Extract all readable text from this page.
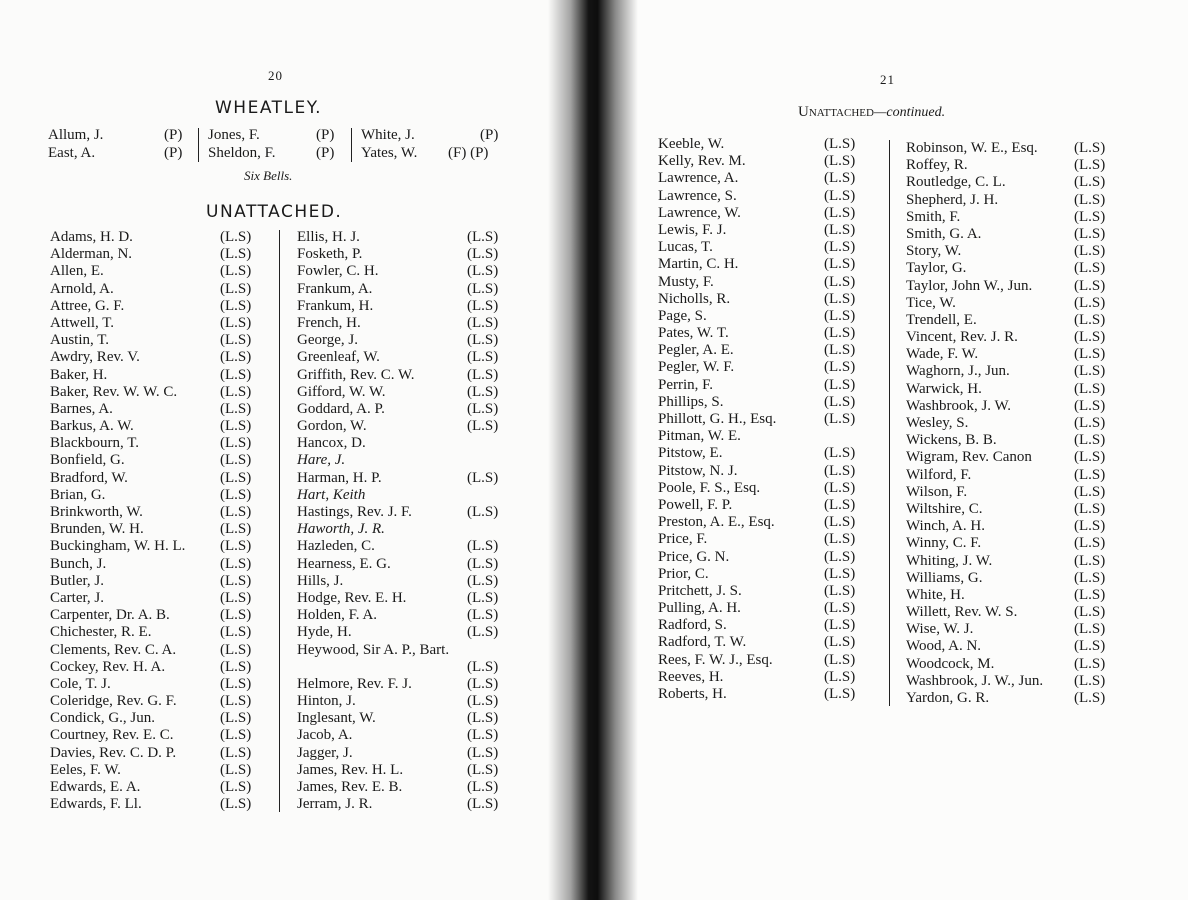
20
WHEATLEY.
Allum, J.	(P) Jones, F.	(P) White, J.	(P)
East, A.	(P) Sheldon, F.	(P) Yates, W. (F) (P)
Six Bells.
UNATTACHED.
Adams, H. D.	(L.S)
Alderman, N.	(L.S)
Allen, E.	(L.S)
Arnold, A.	(L.S)
Attree, G. F.	(L.S)
Attwell, T.	(L.S)
Austin, T.	(L.S)
Awdry, Rev. V.	(L.S)
Baker, H.	(L.S)
Baker, Rev. W. W. C.	(L.S)
Barnes, A.	(L.S)
Barkus, A. W.	(L.S)
Blackbourn, T.	(L.S)
Bonfield, G.	(L.S)
Bradford, W.	(L.S)
Brian, G.	(L.S)
Brinkworth, W.	(L.S)
Brunden, W. H.	(L.S)
Buckingham, W. H. L. (L.S)
Bunch, J.	(L.S)
Butler, J.	(L.S)
Carter, J.	(L.S)
Carpenter, Dr. A. B.	(L.S)
Chichester, R. E.	(L.S)
Clements, Rev. C. A.	(L.S)
Cockey, Rev. H. A.	(L.S)
Cole, T. J.	(L.S)
Coleridge, Rev. G. F.	(L.S)
Condick, G., Jun.	(L.S)
Courtney, Rev. E. C.	(L.S)
Davies, Rev. C. D. P.	(L.S)
Eeles, F. W.	(L.S)
Edwards, E. A.	(L.S)
Edwards, F. Ll.	(L.S)
Ellis, H. J.	(L.S)
Fosketh, P.	(L.S)
Fowler, C. H.	(L.S)
Frankum, A.	(L.S)
Frankum, H.	(L.S)
French, H.	(L.S)
George, J.	(L.S)
Greenleaf, W.	(L.S)
Griffith, Rev. C. W.	(L.S)
Gifford, W. W.	(L.S)
Goddard, A. P.	(L.S)
Gordon, W.	(L.S)
Hancox, D.
Hare, J.
Harman, H. P.	(L.S)
Hart, Keith
Hastings, Rev. J. F.	(L.S)
Haworth, J. R.
Hazleden, C.	(L.S)
Hearness, E. G.	(L.S)
Hills, J.	(L.S)
Hodge, Rev. E. H.	(L.S)
Holden, F. A.	(L.S)
Hyde, H.	(L.S)
Heywood, Sir A. P., Bart.
(L.S)
Helmore, Rev. F. J.	(L.S)
Hinton, J.	(L.S)
Inglesant, W.	(L.S)
Jacob, A.	(L.S)
Jagger, J.	(L.S)
James, Rev. H. L.	(L.S)
James, Rev. E. B.	(L.S)
Jerram, J. R.	(L.S)
21
Unattached—continued.
Keeble, W.	(L.S)
Kelly, Rev. M.	(L.S)
Lawrence, A.	(L.S)
Lawrence, S.	(L.S)
Lawrence, W.	(L.S)
Lewis, F. J.	(L.S)
Lucas, T.	(L.S)
Martin, C. H.	(L.S)
Musty, F.	(L.S)
Nicholls, R.	(L.S)
Page, S.	(L.S)
Pates, W. T.	(L.S)
Pegler, A. E.	(L.S)
Pegler, W. F.	(L.S)
Perrin, F.	(L.S)
Phillips, S.	(L.S)
Phillott, G. H., Esq.	(L.S)
Pitman, W. E.
Pitstow, E.	(L.S)
Pitstow, N. J.	(L.S)
Poole, F. S., Esq.	(L.S)
Powell, F. P.	(L.S)
Preston, A. E., Esq.	(L.S)
Price, F.	(L.S)
Price, G. N.	(L.S)
Prior, C.	(L.S)
Pritchett, J. S.	(L.S)
Pulling, A. H.	(L.S)
Radford, S.	(L.S)
Radford, T. W.	(L.S)
Rees, F. W. J., Esq.	(L.S)
Reeves, H.	(L.S)
Roberts, H.	(L.S)
Robinson, W. E., Esq. (L.S)
Roffey, R.	(L.S)
Routledge, C. L.	(L.S)
Shepherd, J. H.	(L.S)
Smith, F.	(L.S)
Smith, G. A.	(L.S)
Story, W.	(L.S)
Taylor, G.	(L.S)
Taylor, John W., Jun.	(L.S)
Tice, W.	(L.S)
Trendell, E.	(L.S)
Vincent, Rev. J. R.	(L.S)
Wade, F. W.	(L.S)
Waghorn, J., Jun.	(L.S)
Warwick, H.	(L.S)
Washbrook, J. W.	(L.S)
Wesley, S.	(L.S)
Wickens, B. B.	(L.S)
Wigram, Rev. Canon	(L.S)
Wilford, F.	(L.S)
Wilson, F.	(L.S)
Wiltshire, C.	(L.S)
Winch, A. H.	(L.S)
Winny, C. F.	(L.S)
Whiting, J. W.	(L.S)
Williams, G.	(L.S)
White, H.	(L.S)
Willett, Rev. W. S.	(L.S)
Wise, W. J.	(L.S)
Wood, A. N.	(L.S)
Woodcock, M.	(L.S)
Washbrook, J. W., Jun. (L.S)
Yardon, G. R.	(L.S)
